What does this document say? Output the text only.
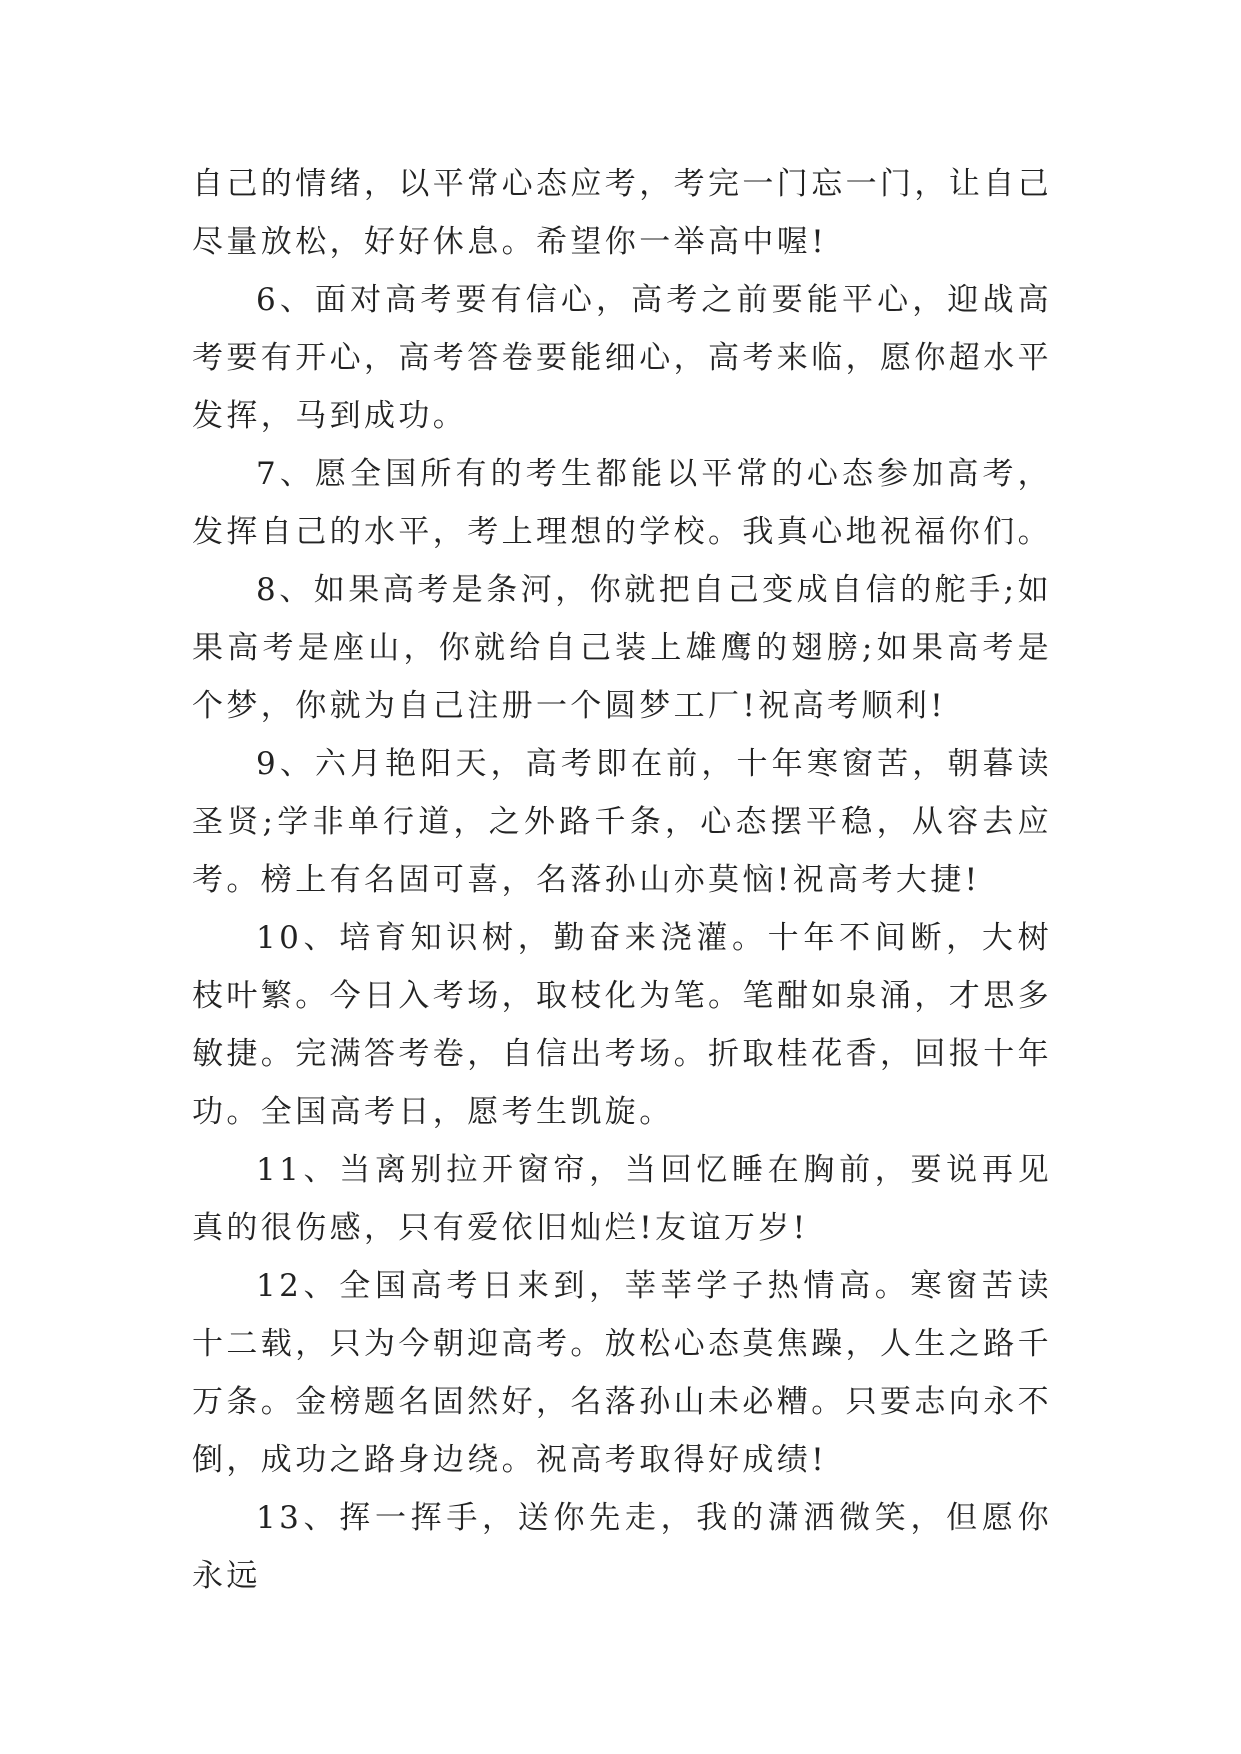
自己的情绪，以平常心态应考，考完一门忘一门，让自己尽量放松，好好休息。希望你一举高中喔!

6、面对高考要有信心，高考之前要能平心，迎战高考要有开心，高考答卷要能细心，高考来临，愿你超水平发挥，马到成功。

7、愿全国所有的考生都能以平常的心态参加高考，发挥自己的水平，考上理想的学校。我真心地祝福你们。

8、如果高考是条河，你就把自己变成自信的舵手;如果高考是座山，你就给自己装上雄鹰的翅膀;如果高考是个梦，你就为自己注册一个圆梦工厂!祝高考顺利!

9、六月艳阳天，高考即在前，十年寒窗苦，朝暮读圣贤;学非单行道，之外路千条，心态摆平稳，从容去应考。榜上有名固可喜，名落孙山亦莫恼!祝高考大捷!

10、培育知识树，勤奋来浇灌。十年不间断，大树枝叶繁。今日入考场，取枝化为笔。笔酣如泉涌，才思多敏捷。完满答考卷，自信出考场。折取桂花香，回报十年功。全国高考日，愿考生凯旋。

11、当离别拉开窗帘，当回忆睡在胸前，要说再见真的很伤感，只有爱依旧灿烂!友谊万岁!

12、全国高考日来到，莘莘学子热情高。寒窗苦读十二载，只为今朝迎高考。放松心态莫焦躁，人生之路千万条。金榜题名固然好，名落孙山未必糟。只要志向永不倒，成功之路身边绕。祝高考取得好成绩!

13、挥一挥手，送你先走，我的潇洒微笑，但愿你永远
